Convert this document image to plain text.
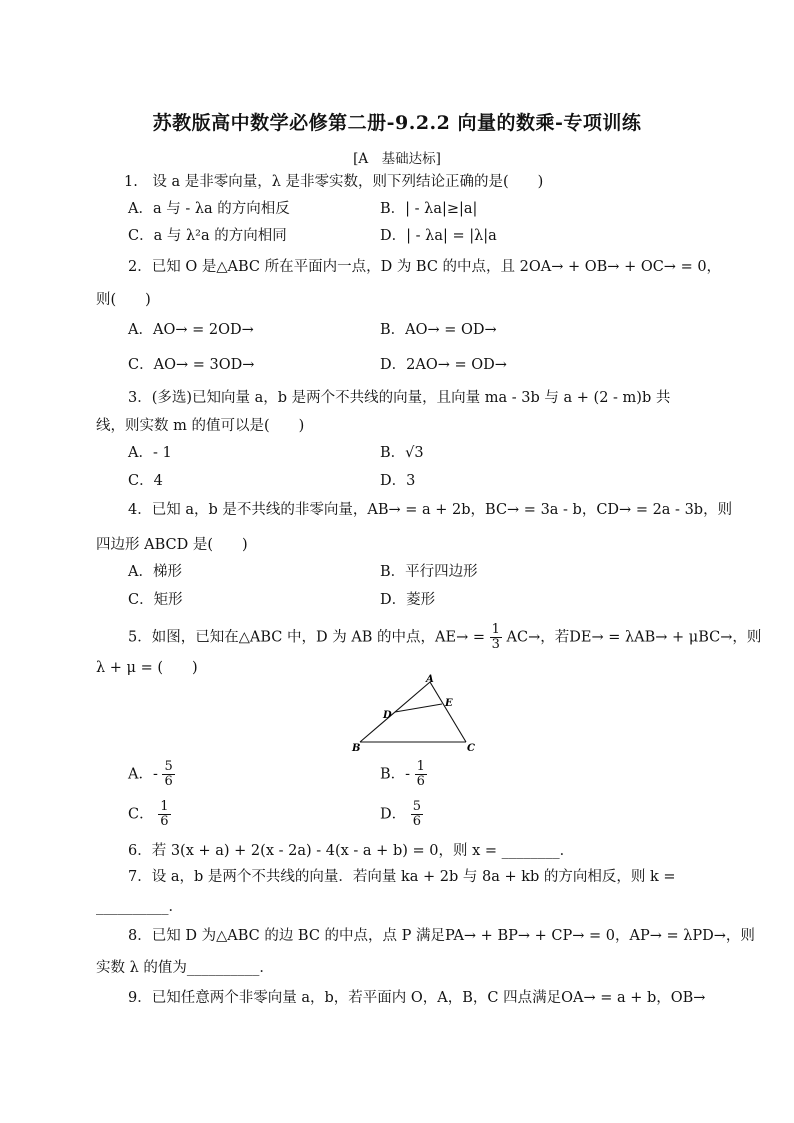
苏教版高中数学必修第二册-9.2.2 向量的数乘-专项训练
[A　基础达标]
1.　设 a 是非零向量，λ 是非零实数，则下列结论正确的是(　　)
A．a 与 - λa 的方向相反	B．| - λa|≥|a|
C．a 与 λ²a 的方向相同	D．| - λa| = |λ|a
2．已知 O 是△ABC 所在平面内一点，D 为 BC 的中点，且 2OA→ + OB→ + OC→ = 0，
则(　　)
A．AO→ = 2OD→	B．AO→ = OD→
C．AO→ = 3OD→	D．2AO→ = OD→
3．(多选)已知向量 a，b 是两个不共线的向量，且向量 ma - 3b 与 a + (2 - m)b 共
线，则实数 m 的值可以是(　　)
A．- 1	B．√3
C．4	D．3
4．已知 a，b 是不共线的非零向量，AB→ = a + 2b，BC→ = 3a - b，CD→ = 2a - 3b，则
四边形 ABCD 是(　　)
A．梯形	B．平行四边形
C．矩形	D．菱形
5．如图，已知在△ABC 中，D 为 AB 的中点，$AE\to = \frac{1}{3} AC\to$，若DE→ = λAB→ + μBC→，则
λ + μ = (　　)
A
E
D
B	C
A．- $\frac{5}{6}$	B．- $\frac{1}{6}$
C． $\frac{1}{6}$	D． $\frac{5}{6}$
6．若 3(x + a) + 2(x - 2a) - 4(x - a + b) = 0，则 x = ________．
7．设 a，b 是两个不共线的向量．若向量 ka + 2b 与 8a + kb 的方向相反，则 k =
__________．
8．已知 D 为△ABC 的边 BC 的中点，点 P 满足PA→ + BP→ + CP→ = 0，AP→ = λPD→，则
实数 λ 的值为__________．
9．已知任意两个非零向量 a，b，若平面内 O，A，B，C 四点满足OA→ = a + b，OB→
